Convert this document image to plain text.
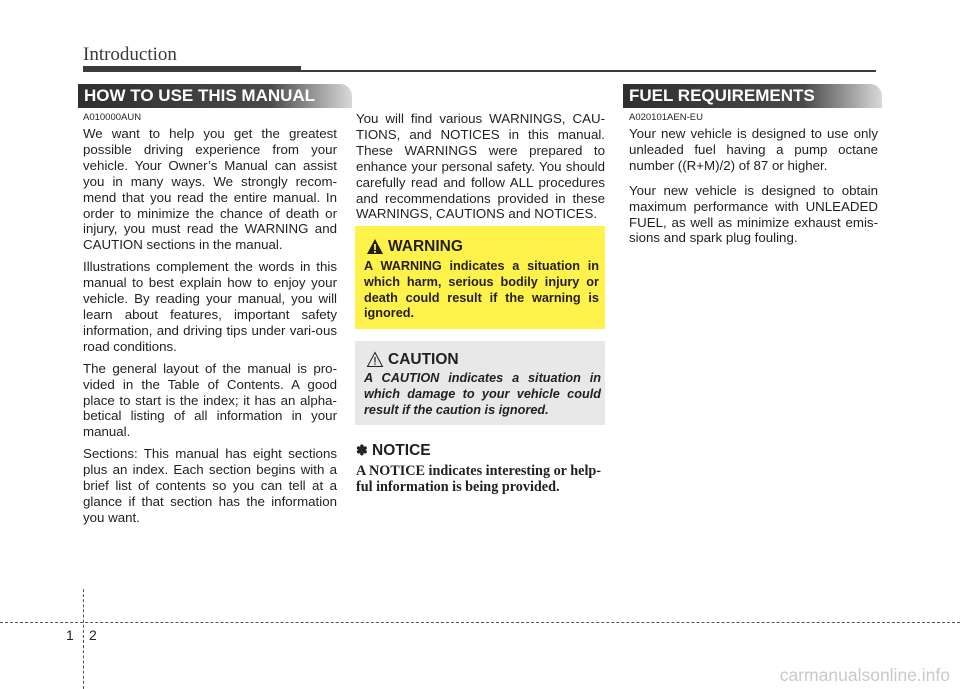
Introduction
HOW TO USE THIS MANUAL	FUEL REQUIREMENTS
A010000AUN

We want to help you get the greatest possible driving experience from your vehicle. Your Owner’s Manual can assist you in many ways. We strongly recom-mend that you read the entire manual. In order to minimize the chance of death or injury, you must read the WARNING and CAUTION sections in the manual.

Illustrations complement the words in this manual to best explain how to enjoy your vehicle. By reading your manual, you will learn about features, important safety information, and driving tips under vari-ous road conditions.

The general layout of the manual is pro-vided in the Table of Contents. A good place to start is the index; it has an alpha-betical listing of all information in your manual.

Sections: This manual has eight sections plus an index. Each section begins with a brief list of contents so you can tell at a glance if that section has the information you want.

You will find various WARNINGS, CAU-TIONS, and NOTICES in this manual. These WARNINGS were prepared to enhance your personal safety. You should carefully read and follow ALL procedures and recommendations provided in these WARNINGS, CAUTIONS and NOTICES.

WARNING
A WARNING indicates a situation in which harm, serious bodily injury or death could result if the warning is ignored.
CAUTION
A CAUTION indicates a situation in which damage to your vehicle could result if the caution is ignored.
✽ NOTICE
A NOTICE indicates interesting or help-ful information is being provided.
A020101AEN-EU

Your new vehicle is designed to use only unleaded fuel having a pump octane number ((R+M)/2) of 87 or higher.

Your new vehicle is designed to obtain maximum performance with UNLEADED FUEL, as well as minimize exhaust emis-sions and spark plug fouling.

1 2
carmanualsonline.info
